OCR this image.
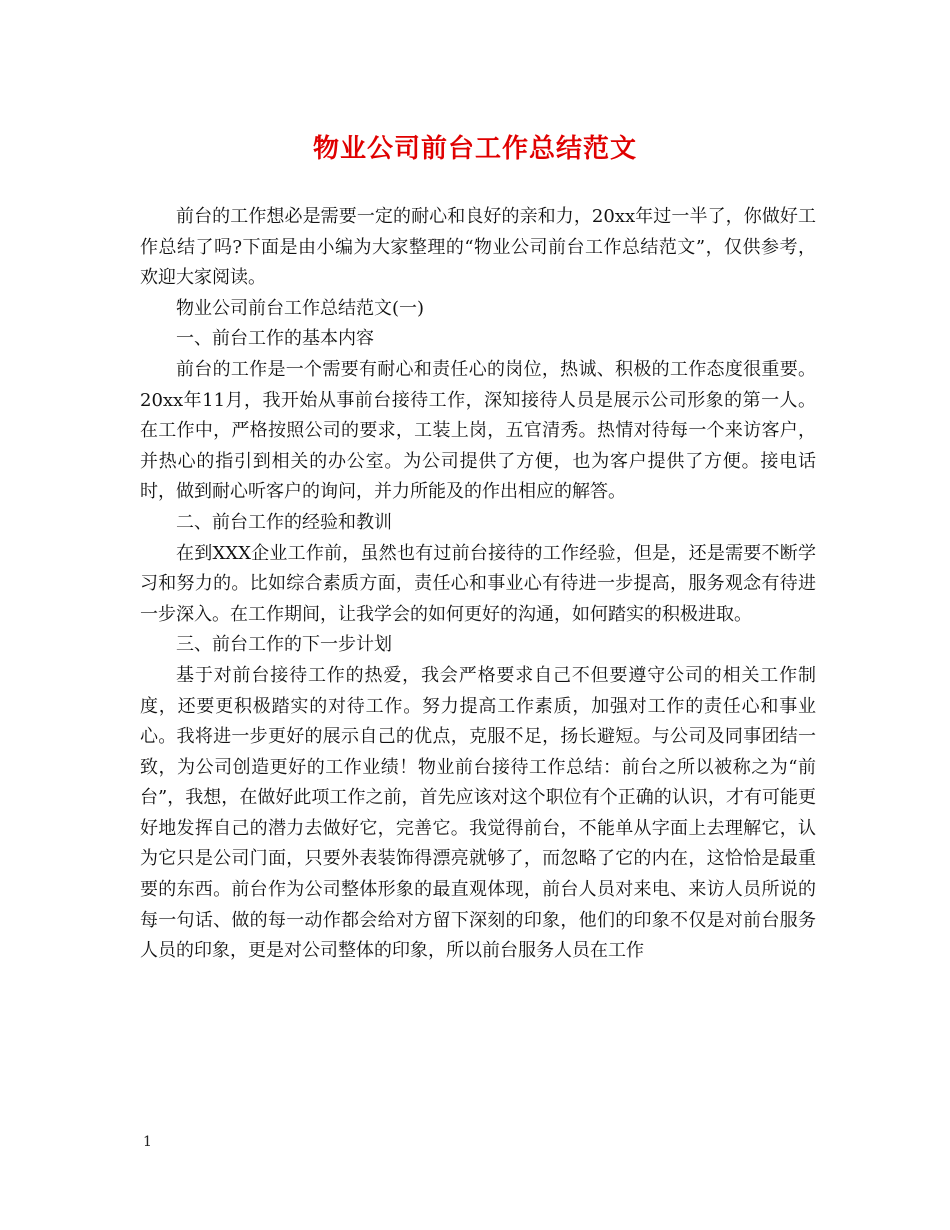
物业公司前台工作总结范文

前台的工作想必是需要一定的耐心和良好的亲和力，20xx年过一半了，你做好工作总结了吗?下面是由小编为大家整理的“物业公司前台工作总结范文”，仅供参考，欢迎大家阅读。

物业公司前台工作总结范文(一)

一、前台工作的基本内容

前台的工作是一个需要有耐心和责任心的岗位，热诚、积极的工作态度很重要。20xx年11月，我开始从事前台接待工作，深知接待人员是展示公司形象的第一人。在工作中，严格按照公司的要求，工装上岗，五官清秀。热情对待每一个来访客户，并热心的指引到相关的办公室。为公司提供了方便，也为客户提供了方便。接电话时，做到耐心听客户的询问，并力所能及的作出相应的解答。

二、前台工作的经验和教训

在到XXX企业工作前，虽然也有过前台接待的工作经验，但是，还是需要不断学习和努力的。比如综合素质方面，责任心和事业心有待进一步提高，服务观念有待进一步深入。在工作期间，让我学会的如何更好的沟通，如何踏实的积极进取。

三、前台工作的下一步计划

基于对前台接待工作的热爱，我会严格要求自己不但要遵守公司的相关工作制度，还要更积极踏实的对待工作。努力提高工作素质，加强对工作的责任心和事业心。我将进一步更好的展示自己的优点，克服不足，扬长避短。与公司及同事团结一致，为公司创造更好的工作业绩！物业前台接待工作总结：前台之所以被称之为“前台”，我想，在做好此项工作之前，首先应该对这个职位有个正确的认识，才有可能更好地发挥自己的潜力去做好它，完善它。我觉得前台，不能单从字面上去理解它，认为它只是公司门面，只要外表装饰得漂亮就够了，而忽略了它的内在，这恰恰是最重要的东西。前台作为公司整体形象的最直观体现，前台人员对来电、来访人员所说的每一句话、做的每一动作都会给对方留下深刻的印象，他们的印象不仅是对前台服务人员的印象，更是对公司整体的印象，所以前台服务人员在工作

1
